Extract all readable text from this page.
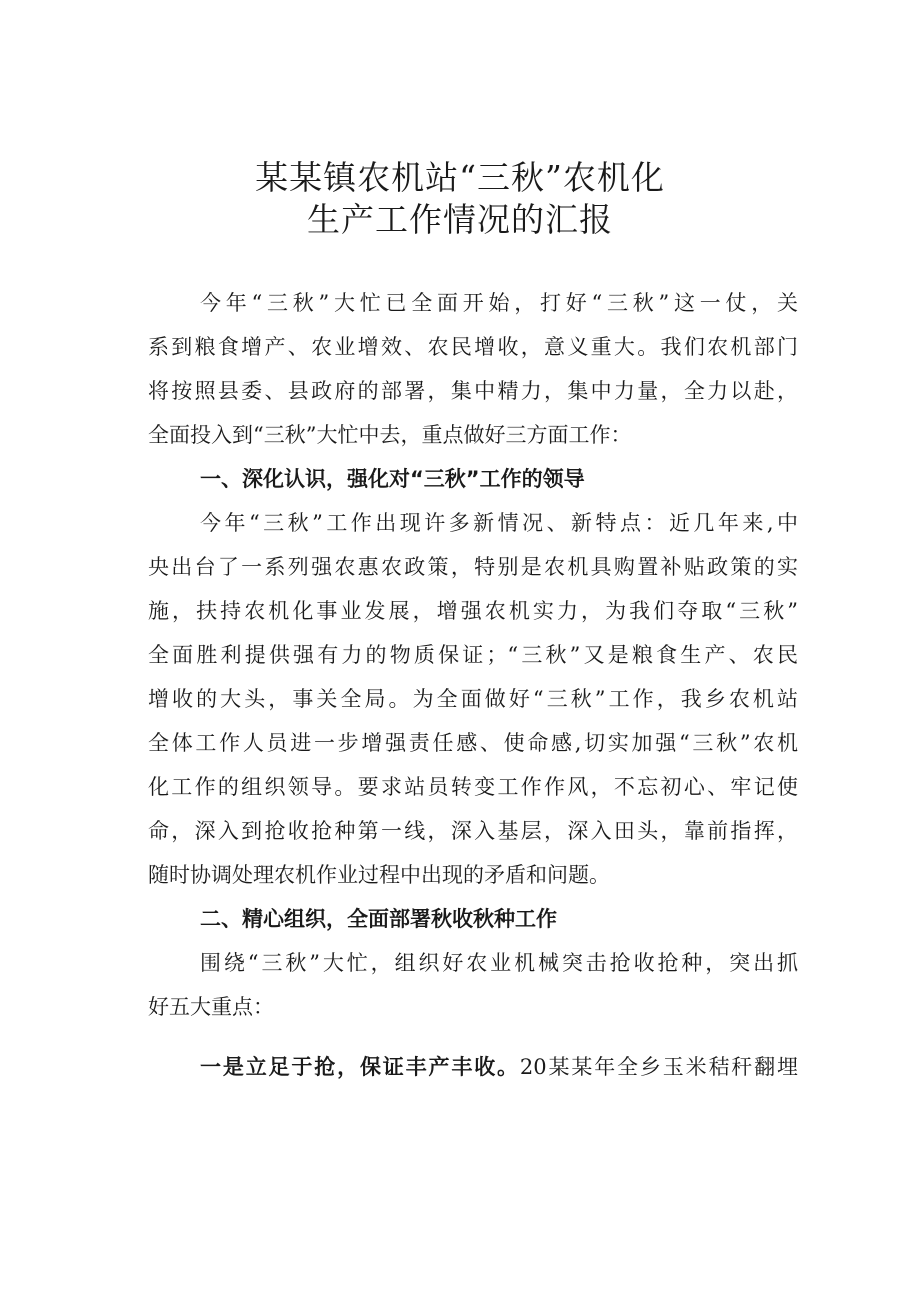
某某镇农机站“三秋”农机化
生产工作情况的汇报
今年“三秋”大忙已全面开始，打好“三秋”这一仗，关
系到粮食增产、农业增效、农民增收，意义重大。我们农机部门
将按照县委、县政府的部署，集中精力，集中力量，全力以赴，
全面投入到“三秋”大忙中去，重点做好三方面工作：
一、深化认识，强化对“三秋”工作的领导
今年“三秋”工作出现许多新情况、新特点：近几年来,中
央出台了一系列强农惠农政策，特别是农机具购置补贴政策的实
施，扶持农机化事业发展，增强农机实力，为我们夺取“三秋”
全面胜利提供强有力的物质保证；“三秋”又是粮食生产、农民
增收的大头，事关全局。为全面做好“三秋”工作，我乡农机站
全体工作人员进一步增强责任感、使命感,切实加强“三秋”农机
化工作的组织领导。要求站员转变工作作风，不忘初心、牢记使
命，深入到抢收抢种第一线，深入基层，深入田头，靠前指挥，
随时协调处理农机作业过程中出现的矛盾和问题。
二、精心组织，全面部署秋收秋种工作
围绕“三秋”大忙，组织好农业机械突击抢收抢种，突出抓
好五大重点：
一是立足于抢，保证丰产丰收。20某某年全乡玉米秸秆翻埋
